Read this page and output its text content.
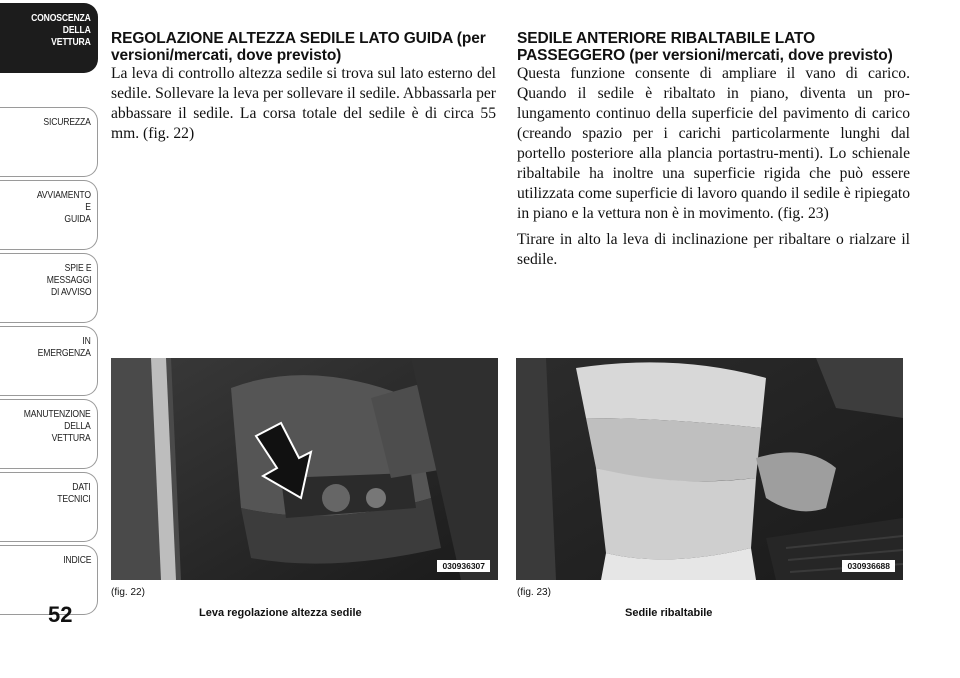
CONOSCENZA
DELLA
VETTURA
SICUREZZA
AVVIAMENTO
E
GUIDA
SPIE E
MESSAGGI
DI AVVISO
IN
EMERGENZA
MANUTENZIONE
DELLA
VETTURA
DATI
TECNICI
INDICE
52
REGOLAZIONE ALTEZZA SEDILE LATO GUIDA (per versioni/mercati, dove previsto)

La leva di controllo altezza sedile si trova sul lato esterno del sedile. Sollevare la leva per sollevare il sedile. Abbassarla per abbassare il sedile. La corsa totale del sedile è di circa 55 mm. (fig. 22)

SEDILE ANTERIORE RIBALTABILE LATO PASSEGGERO (per versioni/mercati, dove previsto)

Questa funzione consente di ampliare il vano di carico. Quando il sedile è ribaltato in piano, diventa un pro-lungamento continuo della superficie del pavimento di carico (creando spazio per i carichi particolarmente lunghi dal portello posteriore alla plancia portastru-menti). Lo schienale ribaltabile ha inoltre una superficie rigida che può essere utilizzata come superficie di lavoro quando il sedile è ripiegato in piano e la vettura non è in movimento. (fig. 23)

Tirare in alto la leva di inclinazione per ribaltare o rialzare il sedile.

030936307
(fig. 22)
Leva regolazione altezza sedile
030936688
(fig. 23)
Sedile ribaltabile
